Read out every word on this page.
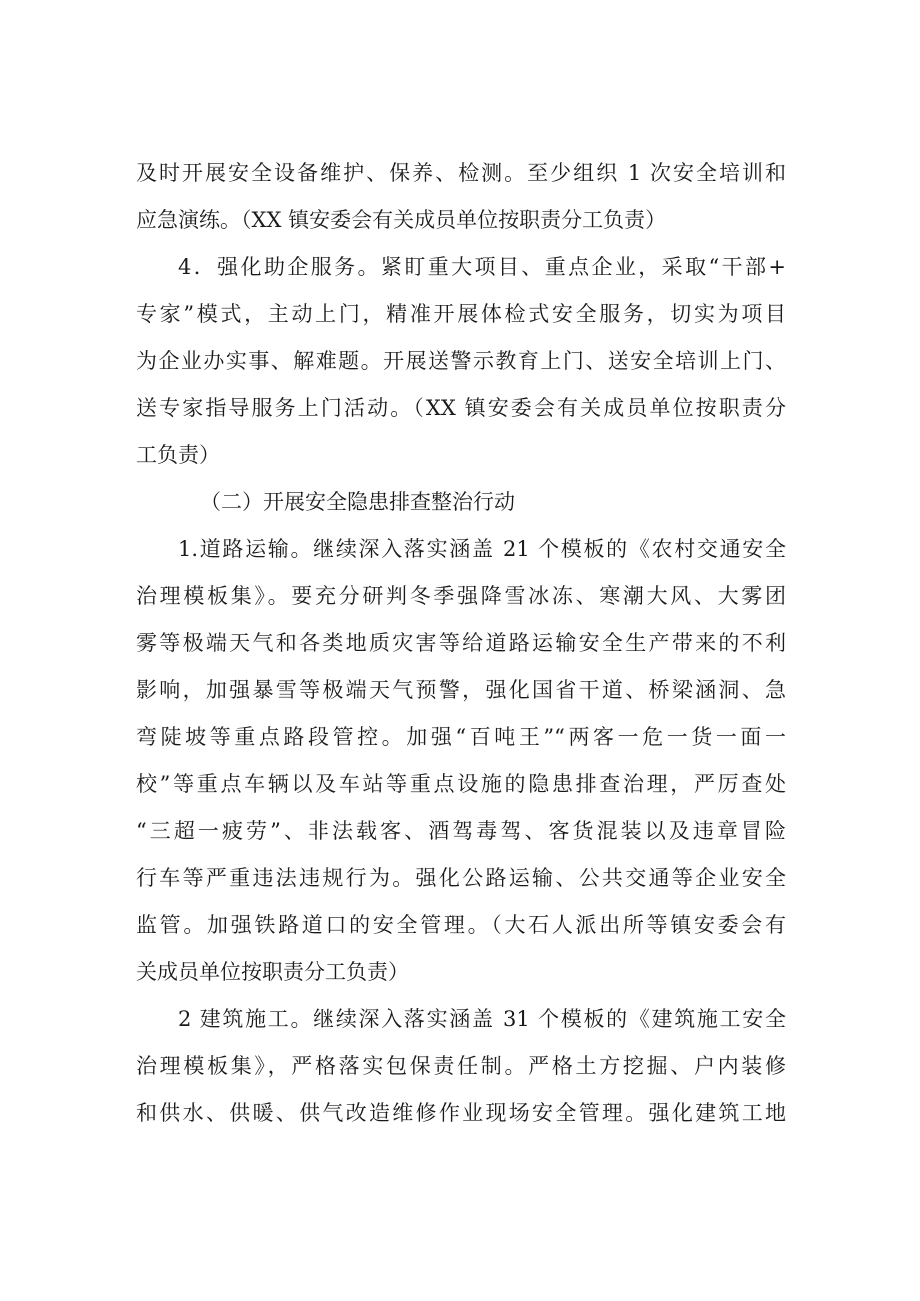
及时开展安全设备维护、保养、检测。至少组织 1 次安全培训和
应急演练。（XX 镇安委会有关成员单位按职责分工负责）
4．强化助企服务。紧盯重大项目、重点企业，采取“干部+
专家”模式，主动上门，精准开展体检式安全服务，切实为项目
为企业办实事、解难题。开展送警示教育上门、送安全培训上门、
送专家指导服务上门活动。（XX 镇安委会有关成员单位按职责分
工负责）
（二）开展安全隐患排查整治行动
1.道路运输。继续深入落实涵盖 21 个模板的《农村交通安全
治理模板集》。要充分研判冬季强降雪冰冻、寒潮大风、大雾团
雾等极端天气和各类地质灾害等给道路运输安全生产带来的不利
影响，加强暴雪等极端天气预警，强化国省干道、桥梁涵洞、急
弯陡坡等重点路段管控。加强“百吨王”“两客一危一货一面一
校”等重点车辆以及车站等重点设施的隐患排查治理，严厉查处
“三超一疲劳”、非法载客、酒驾毒驾、客货混装以及违章冒险
行车等严重违法违规行为。强化公路运输、公共交通等企业安全
监管。加强铁路道口的安全管理。（大石人派出所等镇安委会有
关成员单位按职责分工负责）
2 建筑施工。继续深入落实涵盖 31 个模板的《建筑施工安全
治理模板集》，严格落实包保责任制。严格土方挖掘、户内装修
和供水、供暖、供气改造维修作业现场安全管理。强化建筑工地
